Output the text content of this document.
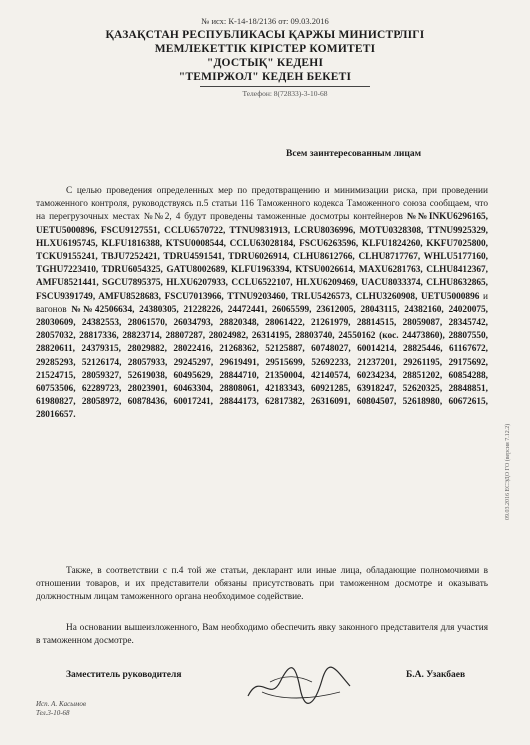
№ исх: К-14-18/2136 от: 09.03.2016
ҚАЗАҚСТАН РЕСПУБЛИКАСЫ ҚАРЖЫ МИНИСТРЛІГІ
МЕМЛЕКЕТТІК КІРІСТЕР КОМИТЕТІ
"ДОСТЫҚ" КЕДЕНІ
"ТЕМІРЖОЛ" КЕДЕН БЕКЕТІ
Телефон: 8(72833)-3-10-68
Всем заинтересованным лицам
С целью проведения определенных мер по предотвращению и минимизации риска, при проведении таможенного контроля, руководствуясь п.5 статьи 116 Таможенного кодекса Таможенного союза сообщаем, что на перегрузочных местах №№2, 4 будут проведены таможенные досмотры контейнеров №№INKU6296165, UETU5000896, FSCU9127551, CCLU6570722, TTNU9831913, LCRU8036996, MOTU0328308, TTNU9925329, HLXU6195745, KLFU1816388, KTSU0008544, CCLU63028184, FSCU6263596, KLFU1824260, KKFU7025800, TCKU9155241, TBJU7252421, TDRU4591541, TDRU6026914, CLHU8612766, CLHU8717767, WHLU5177160, TGHU7223410, TDRU6054325, GATU8002689, KLFU1963394, KTSU0026614, MAXU6281763, CLHU8412367, AMFU8521441, SGCU7895375, HLXU6207933, CCLU6522107, HLXU6209469, UACU8033374, CLHU8632865, FSCU9391749, AMFU8528683, FSCU7013966, TTNU9203460, TRLU5426573, CLHU3260908, UETU5000896 и вагонов №№42506634, 24380305, 21228226, 24472441, 26065599, 23612005, 28043115, 24382160, 24020075, 28030609, 24382553, 28061570, 26034793, 28820348, 28061422, 21261979, 28814515, 28059087, 28345742, 28057032, 28817336, 28823714, 28807287, 28024982, 26314195, 28803740, 24550162 (кос. 24473860), 28807550, 28820611, 24379315, 28029882, 28022416, 21268362, 52125887, 60748027, 60014214, 28825446, 61167672, 29285293, 52126174, 28057933, 29245297, 29619491, 29515699, 52692233, 21237201, 29261195, 29175692, 21524715, 28059327, 52619038, 60495629, 28844710, 21350004, 42140574, 60234234, 28851202, 60854288, 60753506, 62289723, 28023901, 60463304, 28808061, 42183343, 60921285, 63918247, 52620325, 28848851, 61980827, 28058972, 60878436, 60017241, 28844173, 62817382, 26316091, 60804507, 52618980, 60672615, 28016657.
Также, в соответствии с п.4 той же статьи, декларант или иные лица, обладающие полномочиями в отношении товаров, и их представители обязаны присутствовать при таможенном досмотре и оказывать должностным лицам таможенного органа необходимое содействие.
На основании вышеизложенного, Вам необходимо обеспечить явку законного представителя для участия в таможенном досмотре.
Заместитель руководителя	Б.А. Узакбаев
Исп. А. Касымов
Тел.3-10-68
09.03.2016 ЕСЭДО ГО (версия 7.12.2)
